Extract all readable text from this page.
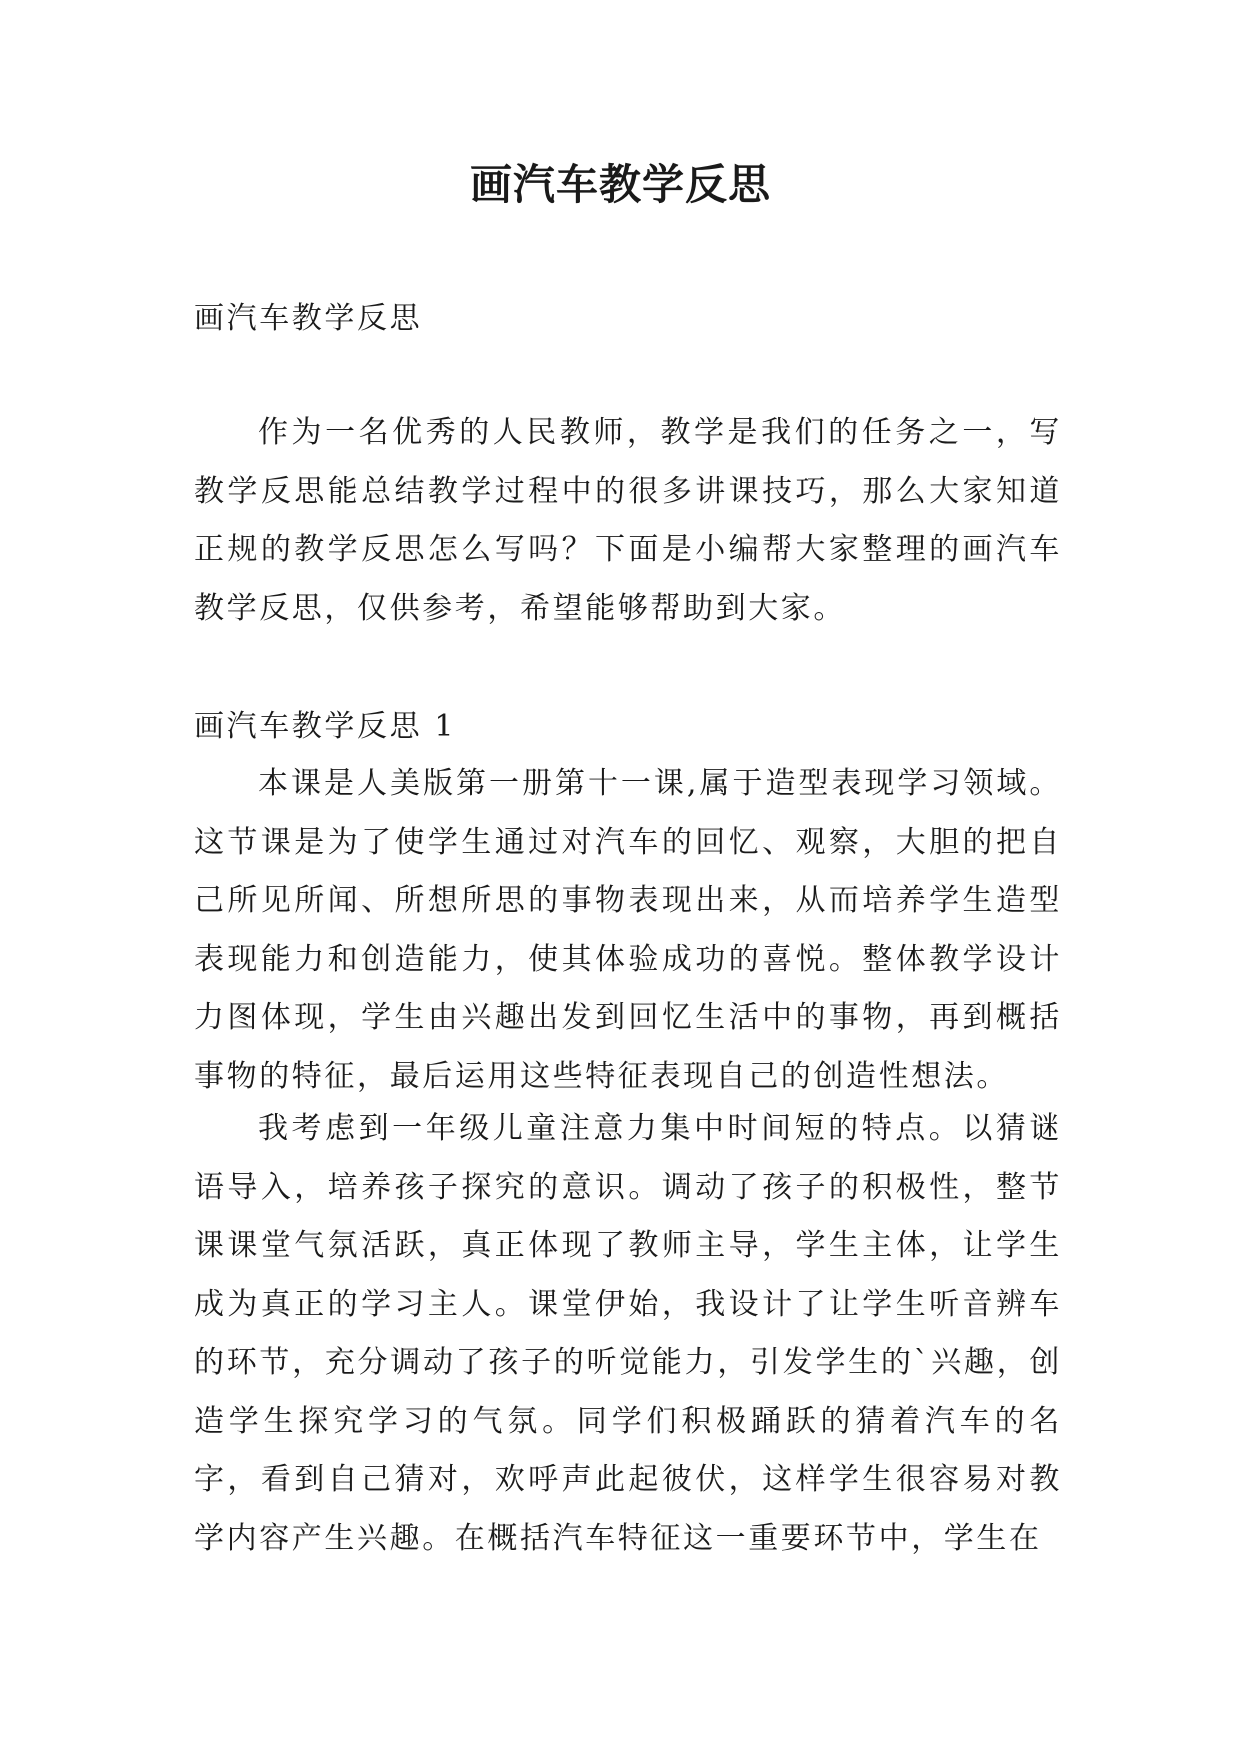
画汽车教学反思

画汽车教学反思

作为一名优秀的人民教师，教学是我们的任务之一，写教学反思能总结教学过程中的很多讲课技巧，那么大家知道正规的教学反思怎么写吗？下面是小编帮大家整理的画汽车教学反思，仅供参考，希望能够帮助到大家。

画汽车教学反思 1

本课是人美版第一册第十一课,属于造型表现学习领域。这节课是为了使学生通过对汽车的回忆、观察，大胆的把自己所见所闻、所想所思的事物表现出来，从而培养学生造型表现能力和创造能力，使其体验成功的喜悦。整体教学设计力图体现，学生由兴趣出发到回忆生活中的事物，再到概括事物的特征，最后运用这些特征表现自己的创造性想法。

我考虑到一年级儿童注意力集中时间短的特点。以猜谜语导入，培养孩子探究的意识。调动了孩子的积极性，整节课课堂气氛活跃，真正体现了教师主导，学生主体，让学生成为真正的学习主人。课堂伊始，我设计了让学生听音辨车的环节，充分调动了孩子的听觉能力，引发学生的`兴趣，创造学生探究学习的气氛。同学们积极踊跃的猜着汽车的名字，看到自己猜对，欢呼声此起彼伏，这样学生很容易对教学内容产生兴趣。在概括汽车特征这一重要环节中，学生在
